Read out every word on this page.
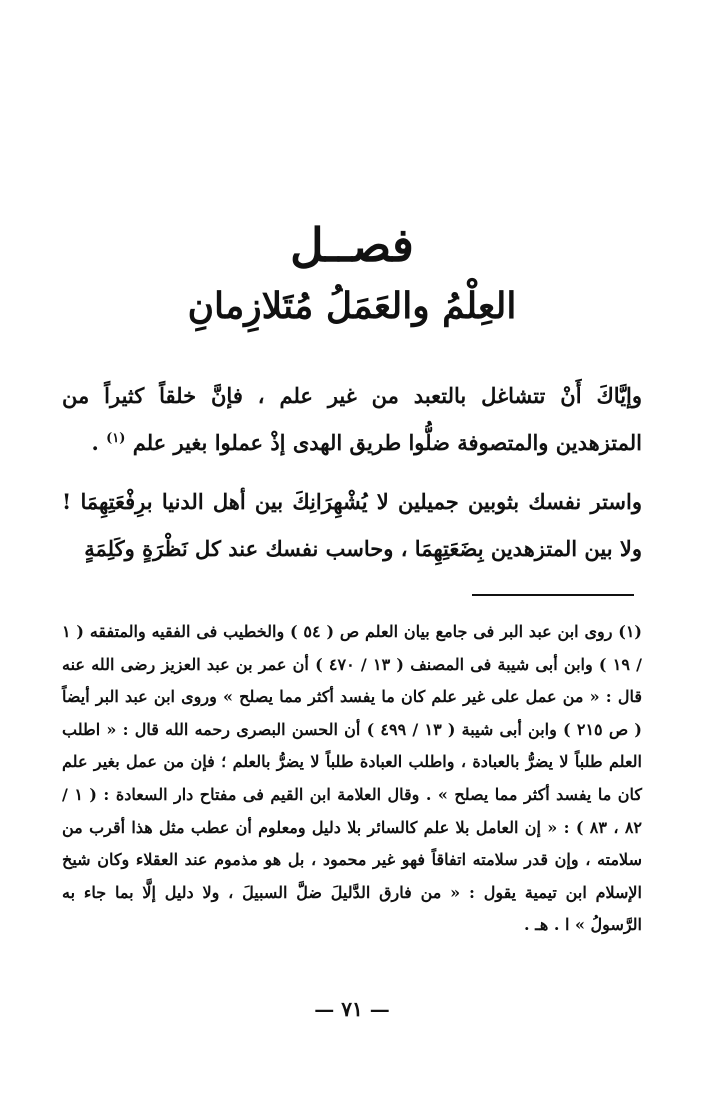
فصــل
العِلْمُ والعَمَلُ مُتَلازِمانِ
وإيَّاكَ أَنْ تتشاغل بالتعبد من غير علم ، فإنَّ خلقاً كثيراً من المتزهدين والمتصوفة ضلُّوا طريق الهدى إذْ عملوا بغير علم $^{(١)}$ .
واستر نفسك بثوبين جميلين لا يُشْهِرَانِكَ بين أهل الدنيا برِفْعَتِهِمَا ! ولا بين المتزهدين بِضَعَتِهِمَا ، وحاسب نفسك عند كل نَظْرَةٍ وكَلِمَةٍ
(١) روى ابن عبد البر فى جامع بيان العلم ص ( ٥٤ ) والخطيب فى الفقيه والمتفقه ( ١ / ١٩ ) وابن أبى شيبة فى المصنف ( ١٣ / ٤٧٠ ) أن عمر بن عبد العزيز رضى الله عنه قال : « من عمل على غير علم كان ما يفسد أكثر مما يصلح » وروى ابن عبد البر أيضاً ( ص ٢١٥ ) وابن أبى شيبة ( ١٣ / ٤٩٩ ) أن الحسن البصرى رحمه الله قال : « اطلب العلم طلباً لا يضرُّ بالعبادة ، واطلب العبادة طلباً لا يضرُّ بالعلم ؛ فإن من عمل بغير علم كان ما يفسد أكثر مما يصلح » . وقال العلامة ابن القيم فى مفتاح دار السعادة : ( ١ / ٨٢ ، ٨٣ ) : « إن العامل بلا علم كالسائر بلا دليل ومعلوم أن عطب مثل هذا أقرب من سلامته ، وإن قدر سلامته اتفاقاً فهو غير محمود ، بل هو مذموم عند العقلاء وكان شيخ الإسلام ابن تيمية يقول : « من فارق الدَّليلَ ضلَّ السبيلَ ، ولا دليل إلَّا بما جاء به الرَّسولُ » ا . هـ .
— ٧١ —
